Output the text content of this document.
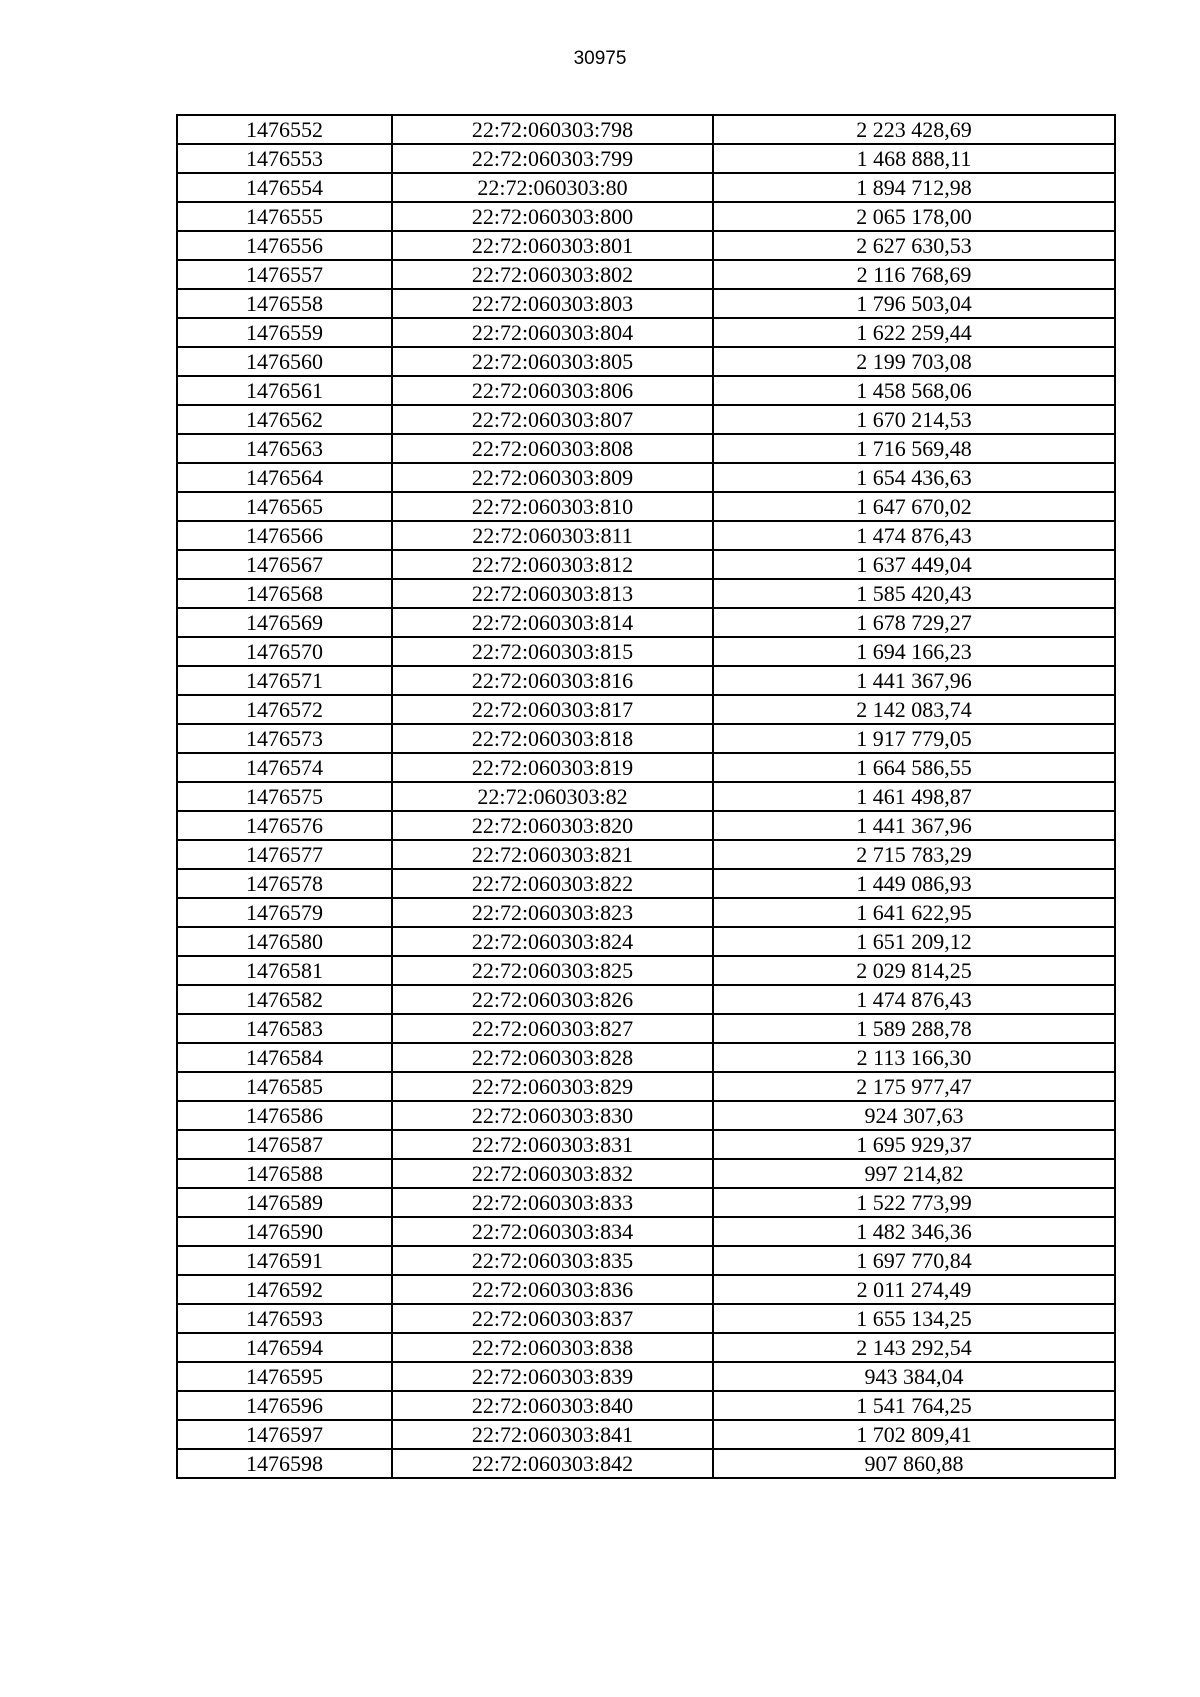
30975
1476552	22:72:060303:798	2 223 428,69
1476553	22:72:060303:799	1 468 888,11
1476554	22:72:060303:80	1 894 712,98
1476555	22:72:060303:800	2 065 178,00
1476556	22:72:060303:801	2 627 630,53
1476557	22:72:060303:802	2 116 768,69
1476558	22:72:060303:803	1 796 503,04
1476559	22:72:060303:804	1 622 259,44
1476560	22:72:060303:805	2 199 703,08
1476561	22:72:060303:806	1 458 568,06
1476562	22:72:060303:807	1 670 214,53
1476563	22:72:060303:808	1 716 569,48
1476564	22:72:060303:809	1 654 436,63
1476565	22:72:060303:810	1 647 670,02
1476566	22:72:060303:811	1 474 876,43
1476567	22:72:060303:812	1 637 449,04
1476568	22:72:060303:813	1 585 420,43
1476569	22:72:060303:814	1 678 729,27
1476570	22:72:060303:815	1 694 166,23
1476571	22:72:060303:816	1 441 367,96
1476572	22:72:060303:817	2 142 083,74
1476573	22:72:060303:818	1 917 779,05
1476574	22:72:060303:819	1 664 586,55
1476575	22:72:060303:82	1 461 498,87
1476576	22:72:060303:820	1 441 367,96
1476577	22:72:060303:821	2 715 783,29
1476578	22:72:060303:822	1 449 086,93
1476579	22:72:060303:823	1 641 622,95
1476580	22:72:060303:824	1 651 209,12
1476581	22:72:060303:825	2 029 814,25
1476582	22:72:060303:826	1 474 876,43
1476583	22:72:060303:827	1 589 288,78
1476584	22:72:060303:828	2 113 166,30
1476585	22:72:060303:829	2 175 977,47
1476586	22:72:060303:830	924 307,63
1476587	22:72:060303:831	1 695 929,37
1476588	22:72:060303:832	997 214,82
1476589	22:72:060303:833	1 522 773,99
1476590	22:72:060303:834	1 482 346,36
1476591	22:72:060303:835	1 697 770,84
1476592	22:72:060303:836	2 011 274,49
1476593	22:72:060303:837	1 655 134,25
1476594	22:72:060303:838	2 143 292,54
1476595	22:72:060303:839	943 384,04
1476596	22:72:060303:840	1 541 764,25
1476597	22:72:060303:841	1 702 809,41
1476598	22:72:060303:842	907 860,88
